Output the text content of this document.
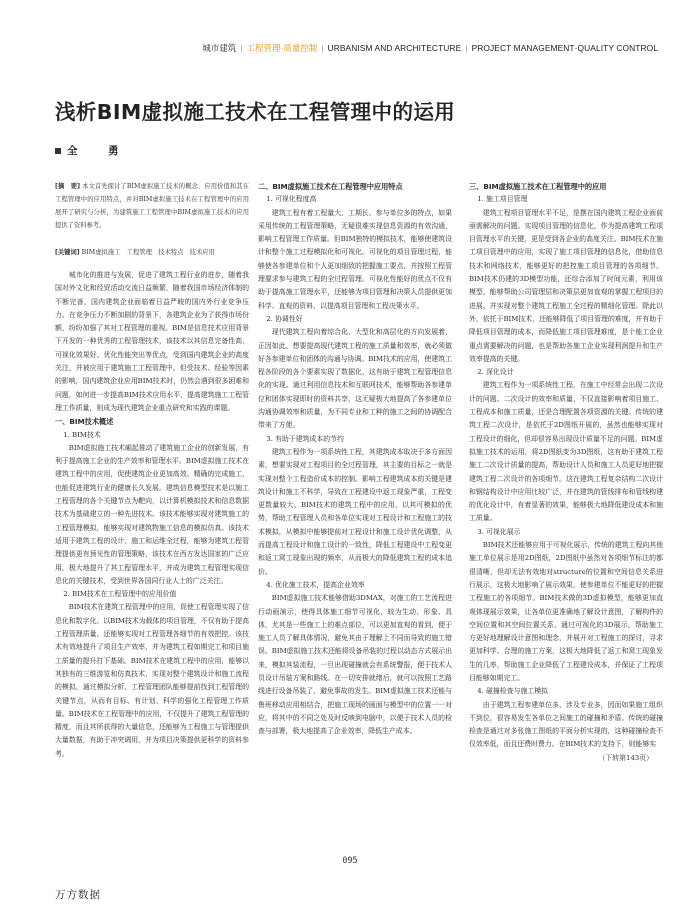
城市建筑 | 工程管理·质量控制 | URBANISM AND ARCHITECTURE | PROJECT MANAGEMENT·QUALITY CONTROL
浅析BIM虚拟施工技术在工程管理中的运用
全　勇

[摘　要] 本文首先探讨了BIM虚拟施工技术的概念、应用价值和其在工程管理中的应用特点，并对BIM虚拟施工技术在工程管理中的应用展开了研究与分析，为建筑施工工程管理中BIM虚拟施工技术的应用提供了资料参考。

[关键词] BIM虚拟施工　工程管理　技术特点　技术应用

城市化的推进与发展，促进了建筑工程行业的进步，随着我国对外文化和经贸活动交流日益频繁，随着我国市场经济体制的不断完善，国内建筑企业面临着日益严峻的国内外行业竞争压力。在竞争压力不断加剧的背景下，各建筑企业为了获得市场份额，纷纷加强了其对工程管理的重视。BIM是信息技术应用背景下开发的一种优秀的工程管理技术，该技术以其信息完备性高、可视化效果好、优化性能突出等优点，受到国内建筑企业的高度关注，并被应用于建筑施工工程管理中。但受技术、经验等因素的影响，国内建筑企业应用BIM技术时，仍然会遇到很多困难和问题，如何进一步提高BIM技术应用水平，提高建筑施工工程管理工作质量，则成为现代建筑企业重点研究和实践的课题。

一、BIM技术概述

1. BIM技术

BIM虚拟施工技术崛起推动了建筑施工企业的创新发展，有利于提高施工企业的生产效率和管理水平。BIM虚拟施工技术在建筑工程中的应用，促使建筑企业更加高效、精确的完成施工，也能促进建筑行业的健康长久发展。建筑信息模型技术是以施工工程管理的各个关键节点为靶向，以计算机模拟技术和信息数据技术为基础建立的一种先进技术。该技术能够实现对建筑施工的工程管理模拟，能够实现对建筑物施工信息的模拟仿真。该技术适用于建筑工程的设计、施工和运维全过程，能够为建筑工程管理提供更有预见性的管理策略，该技术在西方发达国家的广泛应用，极大地提升了其工程管理水平，并成为建筑工程管理实现信息化的关键技术，受到世界各国同行业人士的广泛关注。

2. BIM技术在工程管理中的应用价值

BIM技术在建筑工程管理中的应用，促使工程管理实现了信息化和数字化。以BIM技术为载体的项目管理，不仅有助于提高工程管理质量，还能够实现对工程管理各细节的有效把控。该技术有效地提升了项目生产效率，并为建筑工程如期完工和项目施工质量的提升打下基础。BIM技术在建筑工程中的应用，能够以其独有的三维游览和仿真技术，实现对整个建筑设计和施工流程的模拟，通过模拟分析，工程管理团队能够提前找到工程管理的关键节点，从而有目标、有计划、科学的强化工程管理工作质量。BIM技术在工程管理中的应用，不仅提升了建筑工程管理的精度，而且其所获得的大量信息，还能够为工程施工与管理提供大量数据，有助于冲突调用，并为项目决策提供更科学的资料参考。

二、BIM虚拟施工技术在工程管理中应用特点

1. 可视化程度高

建筑工程有着工程量大、工期长、参与单位多的特点，如果采用传统的工程管理策略，无疑很难实现信息资源的有效沟通，影响工程管理工作质量。但BIM独特的模拟技术，能够使建筑设计和整个施工过程模拟化和可视化。可视化的项目管理过程，能够使各参建单位和个人更加细致的把握施工要点，并按照工程管理要求参与建筑工程的全过程管理。可视化性能好的优点不仅有助于提高施工管理水平，还能够为项目管理和决策人员提供更加科学、直观的资料，以提高项目管理和工程决策水平。

2. 协调性好

现代建筑工程向着综合化、大型化和高层化的方向发展着，正因如此，想要提高现代建筑工程的施工质量和效率，就必须做好各参建单位和团体的沟通与协调。BIM技术的应用，使建筑工程各阶段的各个要素实现了数据化，这有助于建筑工程管理信息化的实现。通过利用信息技术和互联网技术，能够帮助各参建单位和团体实现即时的资料共享，这无疑极大地提高了各参建单位沟通协调效率和质量，为不同专业和工种的施工之间的协调配合带来了方便。

3. 有助于建筑成本的节约

建筑工程作为一项系统性工程，其建筑成本取决于多方面因素，想要实现对工程项目的全过程管理，其主要的目标之一就是实现对整个工程造价成本的控制。影响工程建筑成本的关键是建筑设计和施工不科学，导致在工程建设中返工现象严重，工程变更数量较大。BIM技术的建筑工程中的应用，以其可模拟的优势，帮助工程管理人员和各单位实现对工程设计和工程施工的技术模拟，从模拟中能够提前对工程设计和施工设计优化调整，从而提高工程设计和施工设计的一致性，降低工程建设中工程变更和返工窝工现象出现的频率，从而极大的降低建筑工程的成本追价。

4. 优化施工技术，提高企业效率

BIM虚拟施工技术能够借助3DMAX，对施工的工艺流程进行动画演示，使得具体施工细节可视化，较为生动、形象、具体，尤其是一些施工上的难点部位，可以更加直观的看到，便于施工人员了解具体情况，避免其由于理解上不同而导致的施工错误。BIM虚拟施工技术还能将设备吊装的过程以动态方式展示出来，模拟其装流程，一旦出现碰撞就会有系统警报，便于技术人员设计吊装方案和路线。在一切安排就绪后，就可以按照工艺路线进行设备吊装了，避免事故的发生。BIM虚拟施工技术还能与鲁班移动应用相结合，把施工现场的画面与模型中的位置一一对应，将其中的不同之处及时反映到电脑中，以便于技术人员的检查与部署，极大地提高了企业效率，降低生产成本。

三、BIM虚拟施工技术在工程管理中的应用

1. 施工项目管理

建筑工程项目管理水平不足，是摆在国内建筑工程企业面前亟需解决的问题。实现项目管理的信息化，作为提高建筑工程项目管理水平的关键，更是受到各企业的高度关注。BIM技术在施工项目管理中的应用，实现了施工项目管理的信息化，借助信息技术和网络技术，能够更好的把控施工项目管理的各项细节。BIM技术仍建的3D模型功能，还综合添加了时间元素，利用该模型，能够帮助公司管理层和决策层更加直观的掌握工程项目的进展，并实现对整个建筑工程施工全过程的精细化管理。除此以外，依托于BIM技术，还能够降低了项目管理的难度，并有助于降低项目管理的成本，而降低施工项目管理难度，是个能工企业重点需要解决的问题，也是帮助各施工企业实现利润提升和生产效率提高的关键。

2. 深化设计

建筑工程作为一项系统性工程，在施工中经常会出现二次设计的问题。二次设计的效率和质量，不仅直接影响着项目施工、工程成本和施工质量，还是合理配置各项资源的关键。传统的建筑工程二次设计，是依托于2D图纸开展的，虽然也能够实现对工程设计的细化，但却很容易出现设计质量不足的问题。BIM虚拟施工技术的运用，将2D图纸变为3D图纸，这有助于建筑工程施工二次设计质量的提高，帮助设计人员和施工人员更好地把握建筑工程二次设计的各项细节。这在建筑工程复杂结构二次设计和钢结构设计中应用比较广泛，并在建筑的管线排布和管线构建的优化设计中，有着显著的效果，能够极大地降低建设成本和施工质量。

3. 可视化展示

BIM技术还能够应用于可视化展示，传统的建筑工程向其他施工单位展示是用2D图纸，2D图纸中虽然对各项细节标注的都很清晰，但却无法有效地对structure的位置和空间信息关系进行展示，这极大地影响了展示效果，使参建单位不能更好的把握工程施工的各项细节。BIM技术做的3D虚拟模型，能够更加直观体现展示效果，让各单位更准确地了解设计意图，了解构件的空间位置和其空间位置关系。通过可视化的3D展示，帮助施工方更好地理解设计意图和理念，并展开对工程施工的探讨，寻求更加科学、合理的施工方案，这极大地降低了返工和窝工现象发生的几率，帮助施工企业降低了工程建设成本，并保证了工程项目能够如期完工。

4. 碰撞检查与施工模拟

由于建筑工程参建单位多、涉及专业多，因而如果施工组织不到位，很容易发生各单位之间施工的碰撞和矛盾。传统的碰撞检查是通过对多张施工图纸的平面分析实现的，这种碰撞检查不仅效率低，而且还费时费力。在BIM技术的支持下，则能够实

（下转第143页）

095
万方数据
